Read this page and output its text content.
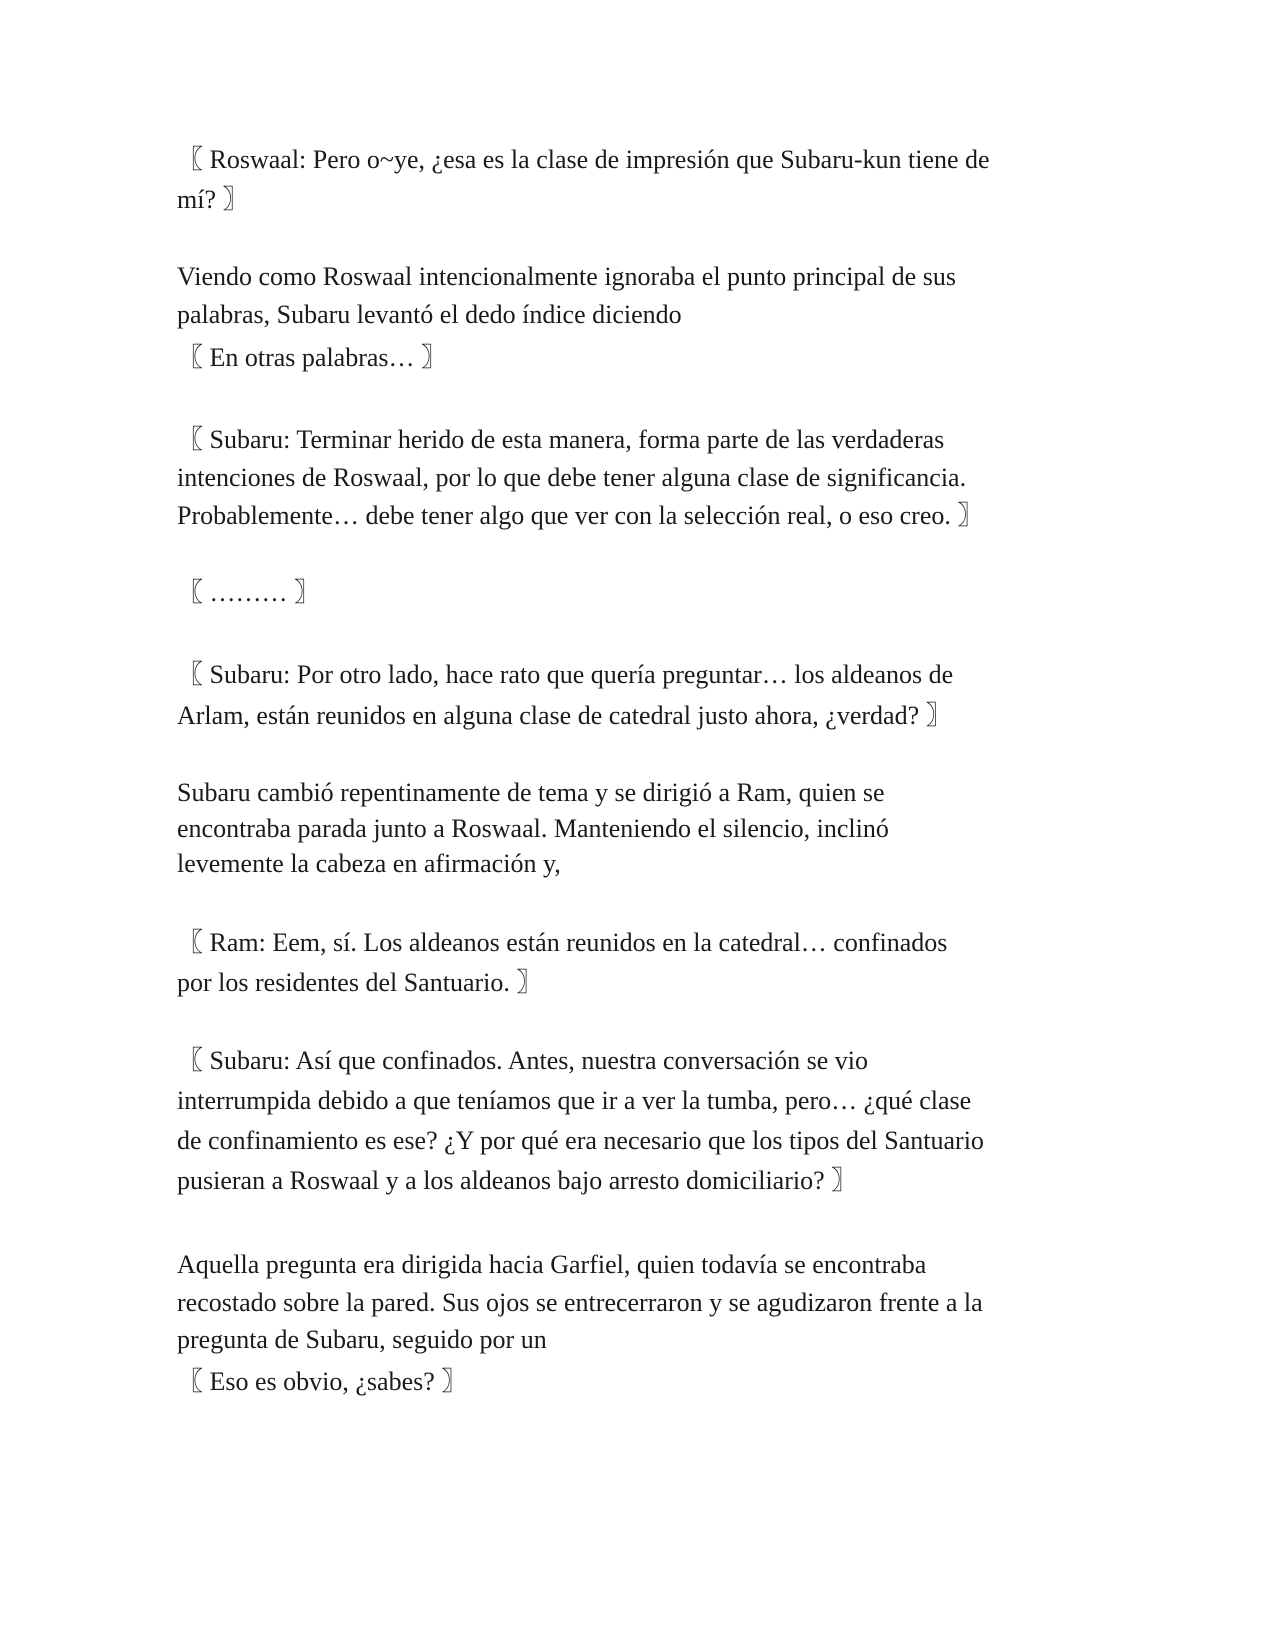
〖 Roswaal: Pero o~ye, ¿esa es la clase de impresión que Subaru-kun tiene de

mí? 〗

Viendo como Roswaal intencionalmente ignoraba el punto principal de sus

palabras, Subaru levantó el dedo índice diciendo

〖 En otras palabras… 〗

〖 Subaru: Terminar herido de esta manera, forma parte de las verdaderas

intenciones de Roswaal, por lo que debe tener alguna clase de significancia.

Probablemente… debe tener algo que ver con la selección real, o eso creo. 〗

〖 ……… 〗

〖 Subaru: Por otro lado, hace rato que quería preguntar… los aldeanos de

Arlam, están reunidos en alguna clase de catedral justo ahora, ¿verdad? 〗

Subaru cambió repentinamente de tema y se dirigió a Ram, quien se

encontraba parada junto a Roswaal. Manteniendo el silencio, inclinó

levemente la cabeza en afirmación y,

〖 Ram: Eem, sí. Los aldeanos están reunidos en la catedral… confinados

por los residentes del Santuario. 〗

〖 Subaru: Así que confinados. Antes, nuestra conversación se vio

interrumpida debido a que teníamos que ir a ver la tumba, pero… ¿qué clase

de confinamiento es ese? ¿Y por qué era necesario que los tipos del Santuario

pusieran a Roswaal y a los aldeanos bajo arresto domiciliario? 〗

Aquella pregunta era dirigida hacia Garfiel, quien todavía se encontraba

recostado sobre la pared. Sus ojos se entrecerraron y se agudizaron frente a la

pregunta de Subaru, seguido por un

〖 Eso es obvio, ¿sabes? 〗
